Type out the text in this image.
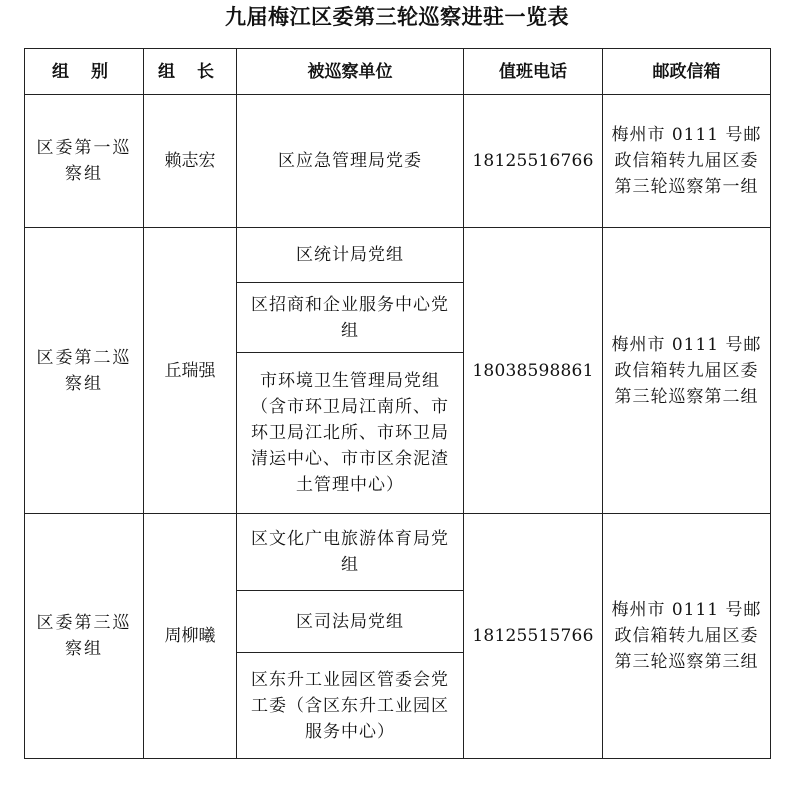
九届梅江区委第三轮巡察进驻一览表
组 别	组 长	被巡察单位	值班电话	邮政信箱
区委第一巡察组	赖志宏	区应急管理局党委	18125516766	梅州市 0111 号邮政信箱转九届区委第三轮巡察第一组
区委第二巡察组	丘瑞强	区统计局党组	18038598861	梅州市 0111 号邮政信箱转九届区委第三轮巡察第二组
		区招商和企业服务中心党组		
		市环境卫生管理局党组（含市环卫局江南所、市环卫局江北所、市环卫局清运中心、市市区余泥渣土管理中心）		
区委第三巡察组	周柳曦	区文化广电旅游体育局党组	18125515766	梅州市 0111 号邮政信箱转九届区委第三轮巡察第三组
		区司法局党组		
		区东升工业园区管委会党工委（含区东升工业园区服务中心）		
